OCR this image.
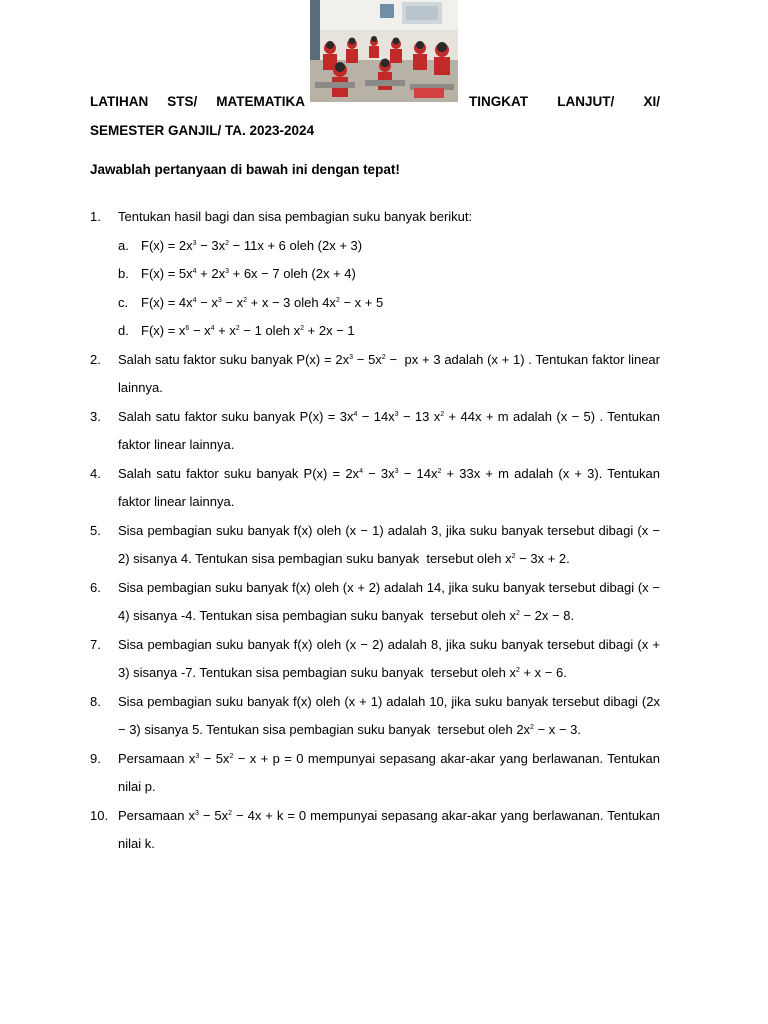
LATIHAN STS/ MATEMATIKA	TINGKAT LANJUT/ XI/
SEMESTER GANJIL/ TA. 2023-2024
Jawablah pertanyaan di bawah ini dengan tepat!
1.	Tentukan hasil bagi dan sisa pembagian suku banyak berikut:
a. $F(x) = 2x^3 - 3x^2 - 11x + 6$ oleh (2x + 3)
b. $F(x) = 5x^4 + 2x^3 + 6x - 7$ oleh (2x + 4)
c. $F(x) = 4x^4 - x^3 - x^2 + x - 3$ oleh $4x^2 - x + 5$
d. $F(x) = x^6 - x^4 + x^2 - 1$ oleh $x^2 + 2x - 1$
2.	Salah satu faktor suku banyak $P(x) = 2x^3 - 5x^2$ −  px + 3 adalah (x + 1) . Tentukan faktor linear lainnya.
3.	Salah satu faktor suku banyak $P(x) = 3x^4 - 14x^3 - 13$ $x^2 + 44x + m$ adalah (x − 5) . Tentukan faktor linear lainnya.
4.	Salah satu faktor suku banyak $P(x) = 2x^4 - 3x^3 - 14x^2 + 33x + m$ adalah (x + 3). Tentukan faktor linear lainnya.
5.	Sisa pembagian suku banyak f(x) oleh (x − 1) adalah 3, jika suku banyak tersebut dibagi (x − 2) sisanya 4. Tentukan sisa pembagian suku banyak  tersebut oleh $x^2 - 3x + 2$.
6.	Sisa pembagian suku banyak f(x) oleh (x + 2) adalah 14, jika suku banyak tersebut dibagi (x − 4) sisanya -4. Tentukan sisa pembagian suku banyak  tersebut oleh $x^2 - 2x - 8$.
7.	Sisa pembagian suku banyak f(x) oleh (x − 2) adalah 8, jika suku banyak tersebut dibagi (x + 3) sisanya -7. Tentukan sisa pembagian suku banyak  tersebut oleh $x^2 + x - 6$.
8.	Sisa pembagian suku banyak f(x) oleh (x + 1) adalah 10, jika suku banyak tersebut dibagi (2x − 3) sisanya 5. Tentukan sisa pembagian suku banyak  tersebut oleh $2x^2 - x - 3$.
9.	Persamaan $x^3 - 5x^2 - x + p = 0$ mempunyai sepasang akar-akar yang berlawanan. Tentukan nilai p.
10. Persamaan $x^3 - 5x^2 - 4x + k = 0$ mempunyai sepasang akar-akar yang berlawanan. Tentukan nilai k.
